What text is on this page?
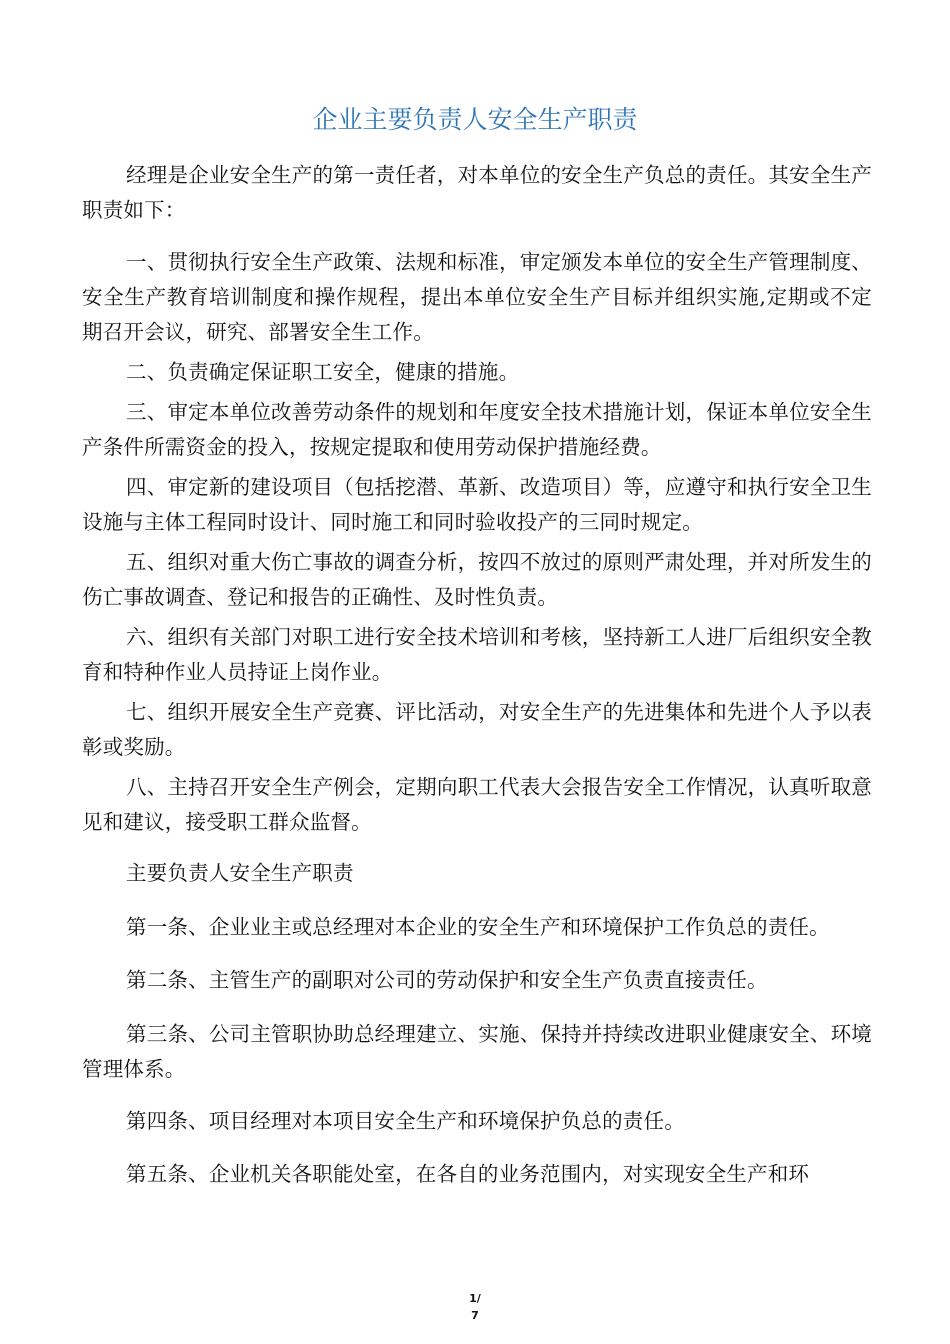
企业主要负责人安全生产职责

经理是企业安全生产的第一责任者，对本单位的安全生产负总的责任。其安全生产职责如下：

一、贯彻执行安全生产政策、法规和标准，审定颁发本单位的安全生产管理制度、安全生产教育培训制度和操作规程，提出本单位安全生产目标并组织实施,定期或不定期召开会议，研究、部署安全生工作。

二、负责确定保证职工安全，健康的措施。

三、审定本单位改善劳动条件的规划和年度安全技术措施计划，保证本单位安全生产条件所需资金的投入，按规定提取和使用劳动保护措施经费。

四、审定新的建设项目（包括挖潜、革新、改造项目）等，应遵守和执行安全卫生设施与主体工程同时设计、同时施工和同时验收投产的三同时规定。

五、组织对重大伤亡事故的调查分析，按四不放过的原则严肃处理，并对所发生的伤亡事故调查、登记和报告的正确性、及时性负责。

六、组织有关部门对职工进行安全技术培训和考核，坚持新工人进厂后组织安全教育和特种作业人员持证上岗作业。

七、组织开展安全生产竞赛、评比活动，对安全生产的先进集体和先进个人予以表彰或奖励。

八、主持召开安全生产例会，定期向职工代表大会报告安全工作情况，认真听取意见和建议，接受职工群众监督。

主要负责人安全生产职责

第一条、企业业主或总经理对本企业的安全生产和环境保护工作负总的责任。

第二条、主管生产的副职对公司的劳动保护和安全生产负责直接责任。

第三条、公司主管职协助总经理建立、实施、保持并持续改进职业健康安全、环境管理体系。

第四条、项目经理对本项目安全生产和环境保护负总的责任。

第五条、企业机关各职能处室，在各自的业务范围内，对实现安全生产和环

1/
7
